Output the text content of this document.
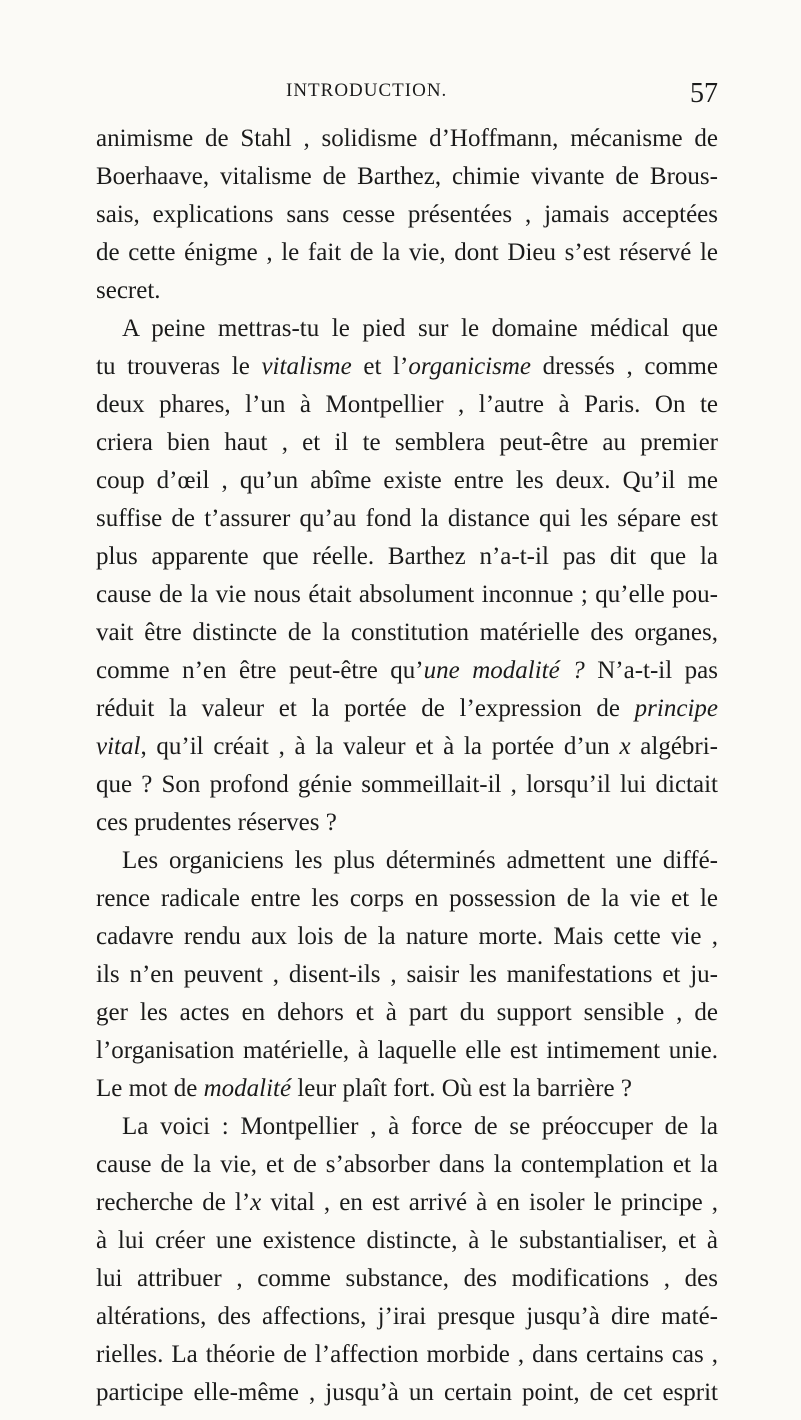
INTRODUCTION.	57
animisme de Stahl , solidisme d’Hoffmann, mécanisme de
Boerhaave, vitalisme de Barthez, chimie vivante de Brous-
sais, explications sans cesse présentées , jamais acceptées
de cette énigme , le fait de la vie, dont Dieu s’est réservé le
secret.
A peine mettras-tu le pied sur le domaine médical que
tu trouveras le vitalisme et l’organicisme dressés , comme
deux phares, l’un à Montpellier , l’autre à Paris. On te
criera bien haut , et il te semblera peut-être au premier
coup d’œil , qu’un abîme existe entre les deux. Qu’il me
suffise de t’assurer qu’au fond la distance qui les sépare est
plus apparente que réelle. Barthez n’a-t-il pas dit que la
cause de la vie nous était absolument inconnue ; qu’elle pou-
vait être distincte de la constitution matérielle des organes,
comme n’en être peut-être qu’une modalité ? N’a-t-il pas
réduit la valeur et la portée de l’expression de principe
vital, qu’il créait , à la valeur et à la portée d’un x algébri-
que ? Son profond génie sommeillait-il , lorsqu’il lui dictait
ces prudentes réserves ?
Les organiciens les plus déterminés admettent une diffé-
rence radicale entre les corps en possession de la vie et le
cadavre rendu aux lois de la nature morte. Mais cette vie ,
ils n’en peuvent , disent-ils , saisir les manifestations et ju-
ger les actes en dehors et à part du support sensible , de
l’organisation matérielle, à laquelle elle est intimement unie.
Le mot de modalité leur plaît fort. Où est la barrière ?
La voici : Montpellier , à force de se préoccuper de la
cause de la vie, et de s’absorber dans la contemplation et la
recherche de l’x vital , en est arrivé à en isoler le principe ,
à lui créer une existence distincte, à le substantialiser, et à
lui attribuer , comme substance, des modifications , des
altérations, des affections, j’irai presque jusqu’à dire maté-
rielles. La théorie de l’affection morbide , dans certains cas ,
participe elle-même , jusqu’à un certain point, de cet esprit
